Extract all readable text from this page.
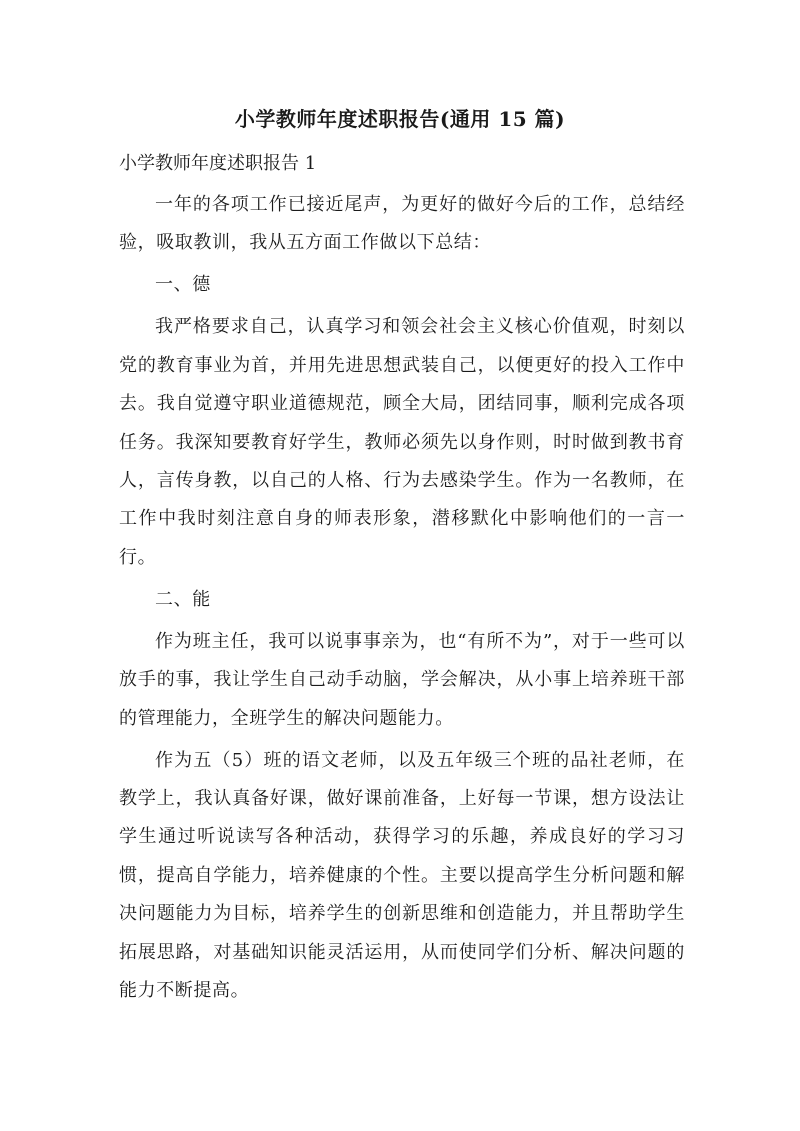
小学教师年度述职报告(通用 15 篇)
小学教师年度述职报告 1

一年的各项工作已接近尾声，为更好的做好今后的工作，总结经验，吸取教训，我从五方面工作做以下总结：

一、德

我严格要求自己，认真学习和领会社会主义核心价值观，时刻以党的教育事业为首，并用先进思想武装自己，以便更好的投入工作中去。我自觉遵守职业道德规范，顾全大局，团结同事，顺利完成各项任务。我深知要教育好学生，教师必须先以身作则，时时做到教书育人，言传身教，以自己的人格、行为去感染学生。作为一名教师，在工作中我时刻注意自身的师表形象，潜移默化中影响他们的一言一行。

二、能

作为班主任，我可以说事事亲为，也“有所不为”，对于一些可以放手的事，我让学生自己动手动脑，学会解决，从小事上培养班干部的管理能力，全班学生的解决问题能力。

作为五（5）班的语文老师，以及五年级三个班的品社老师，在教学上，我认真备好课，做好课前准备，上好每一节课，想方设法让学生通过听说读写各种活动，获得学习的乐趣，养成良好的学习习惯，提高自学能力，培养健康的个性。主要以提高学生分析问题和解决问题能力为目标，培养学生的创新思维和创造能力，并且帮助学生拓展思路，对基础知识能灵活运用，从而使同学们分析、解决问题的能力不断提高。
